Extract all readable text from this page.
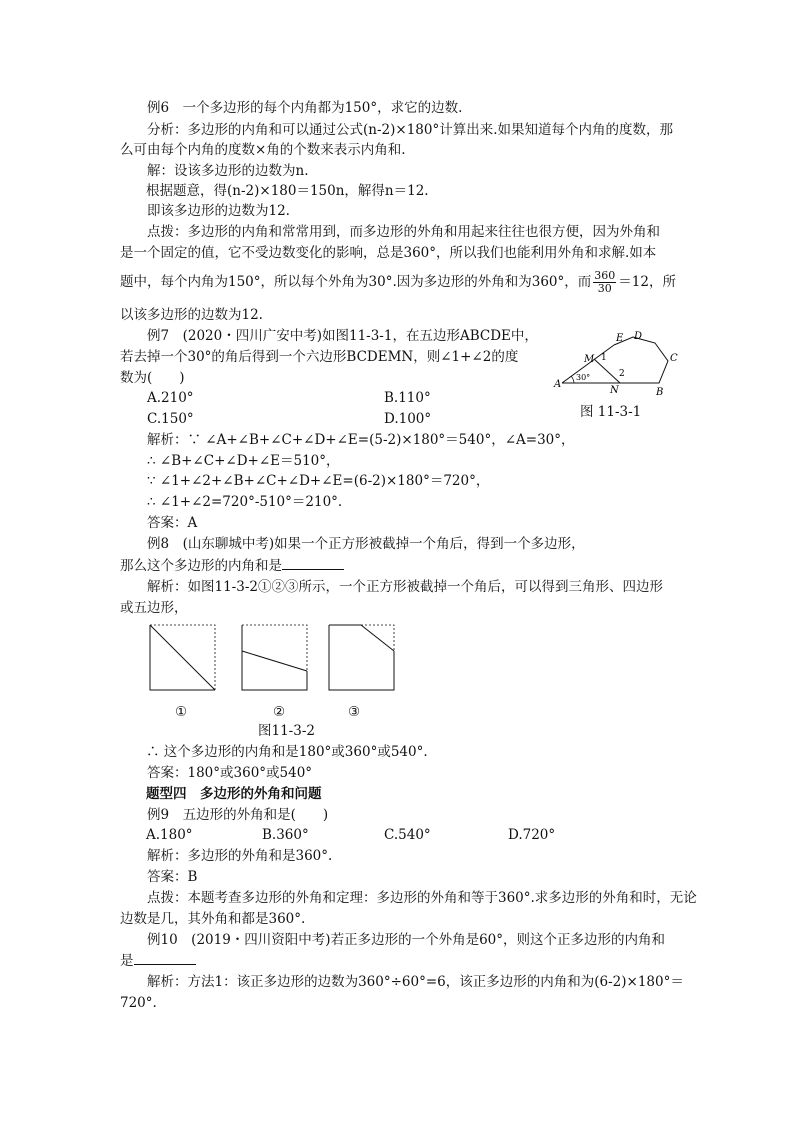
例6　一个多边形的每个内角都为150°，求它的边数.
分析：多边形的内角和可以通过公式(n-2)×180°计算出来.如果知道每个内角的度数，那
么可由每个内角的度数×角的个数来表示内角和.
解：设该多边形的边数为n.
根据题意，得(n-2)×180＝150n，解得n＝12.
即该多边形的边数为12.
点拨：多边形的内角和常常用到，而多边形的外角和用起来往往也很方便，因为外角和
是一个固定的值，它不受边数变化的影响，总是360°，所以我们也能利用外角和求解.如本
题中，每个内角为150°，所以每个外角为30°.因为多边形的外角和为360°，而 $\frac{360}{30} =12$，所
以该多边形的边数为12.
例7　(2020・四川广安中考)如图11-3-1，在五边形ABCDE中，
若去掉一个30°的角后得到一个六边形BCDEMN，则∠1+∠2的度
数为(　　)
A.210°	B.110°
C.150°	D.100°
A
B
C
D
E
M
N
1
2
30°
图 11-3-1
解析：∵ ∠A+∠B+∠C+∠D+∠E=(5-2)×180°＝540°，∠A=30°，
∴ ∠B+∠C+∠D+∠E＝510°，
∵ ∠1+∠2+∠B+∠C+∠D+∠E=(6-2)×180°＝720°，
∴ ∠1+∠2=720°-510°＝210°.
答案：A
例8　(山东聊城中考)如果一个正方形被截掉一个角后，得到一个多边形，
那么这个多边形的内角和是
解析：如图11-3-2①②③所示，一个正方形被截掉一个角后，可以得到三角形、四边形
或五边形，
①	②	③
图11-3-2
∴ 这个多边形的内角和是180°或360°或540°.
答案：180°或360°或540°
题型四　多边形的外角和问题
例9　五边形的外角和是(　　)
A.180°	B.360°	C.540°	D.720°
解析：多边形的外角和是360°.
答案：B
点拨：本题考查多边形的外角和定理：多边形的外角和等于360°.求多边形的外角和时，无论
边数是几，其外角和都是360°.
例10　(2019・四川资阳中考)若正多边形的一个外角是60°，则这个正多边形的内角和
是
解析：方法1：该正多边形的边数为360°÷60°=6，该正多边形的内角和为(6-2)×180°＝
720°.
